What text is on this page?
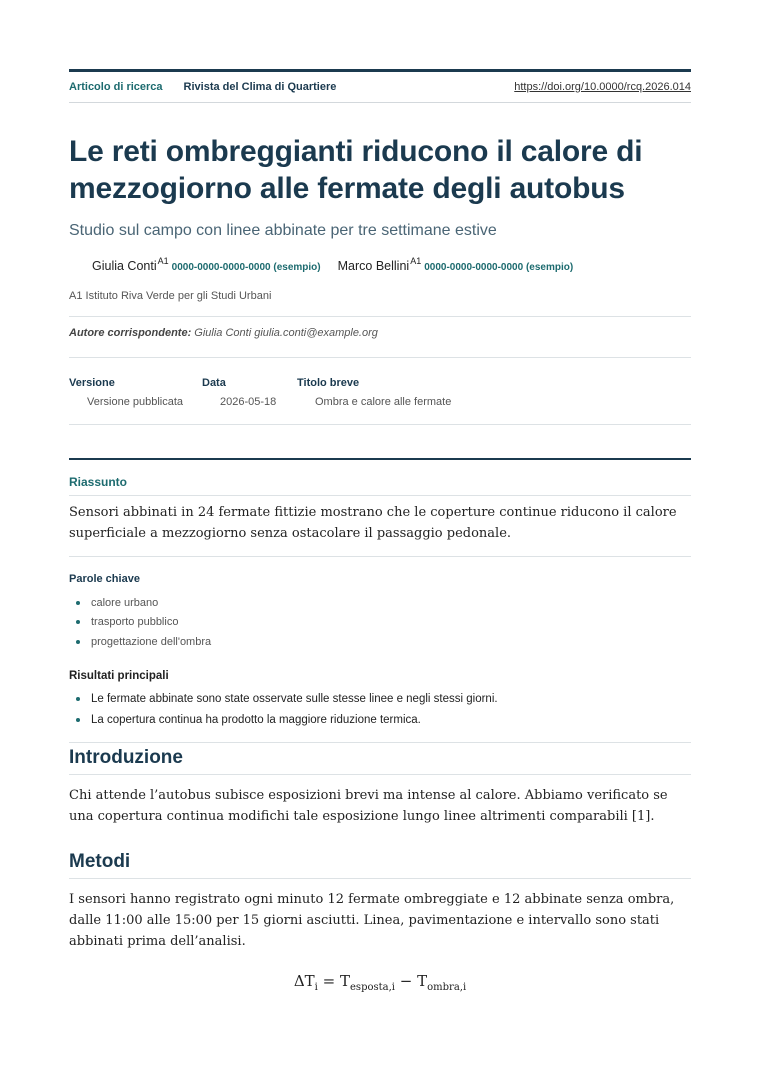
Articolo di ricerca Rivista del Clima di Quartiere	https://doi.org/10.0000/rcq.2026.014
Le reti ombreggianti riducono il calore di mezzogiorno alle fermate degli autobus
Studio sul campo con linee abbinate per tre settimane estive
Giulia Conti$^{A1}$
0000-0000-0000-0000 (esempio) Marco Bellini$^{A1}$
0000-0000-0000-0000 (esempio)
A1 Istituto Riva Verde per gli Studi Urbani
Autore corrispondente: Giulia Conti giulia.conti@example.org
Versione
Versione pubblicata
Data
2026-05-18
Titolo breve
Ombra e calore alle fermate
Riassunto
Sensori abbinati in 24 fermate fittizie mostrano che le coperture continue riducono il calore superficiale a mezzogiorno senza ostacolare il passaggio pedonale.
Parole chiave
calore urbano
trasporto pubblico
progettazione dell'ombra
Risultati principali
Le fermate abbinate sono state osservate sulle stesse linee e negli stessi giorni.
La copertura continua ha prodotto la maggiore riduzione termica.
Introduzione

Chi attende l’autobus subisce esposizioni brevi ma intense al calore. Abbiamo verificato se una copertura continua modifichi tale esposizione lungo linee altrimenti comparabili [1].

Metodi

I sensori hanno registrato ogni minuto 12 fermate ombreggiate e 12 abbinate senza ombra, dalle 11:00 alle 15:00 per 15 giorni asciutti. Linea, pavimentazione e intervallo sono stati abbinati prima dell’analisi.

$\Delta T_i = T_{esposta,i} - T_{ombra,i}$
